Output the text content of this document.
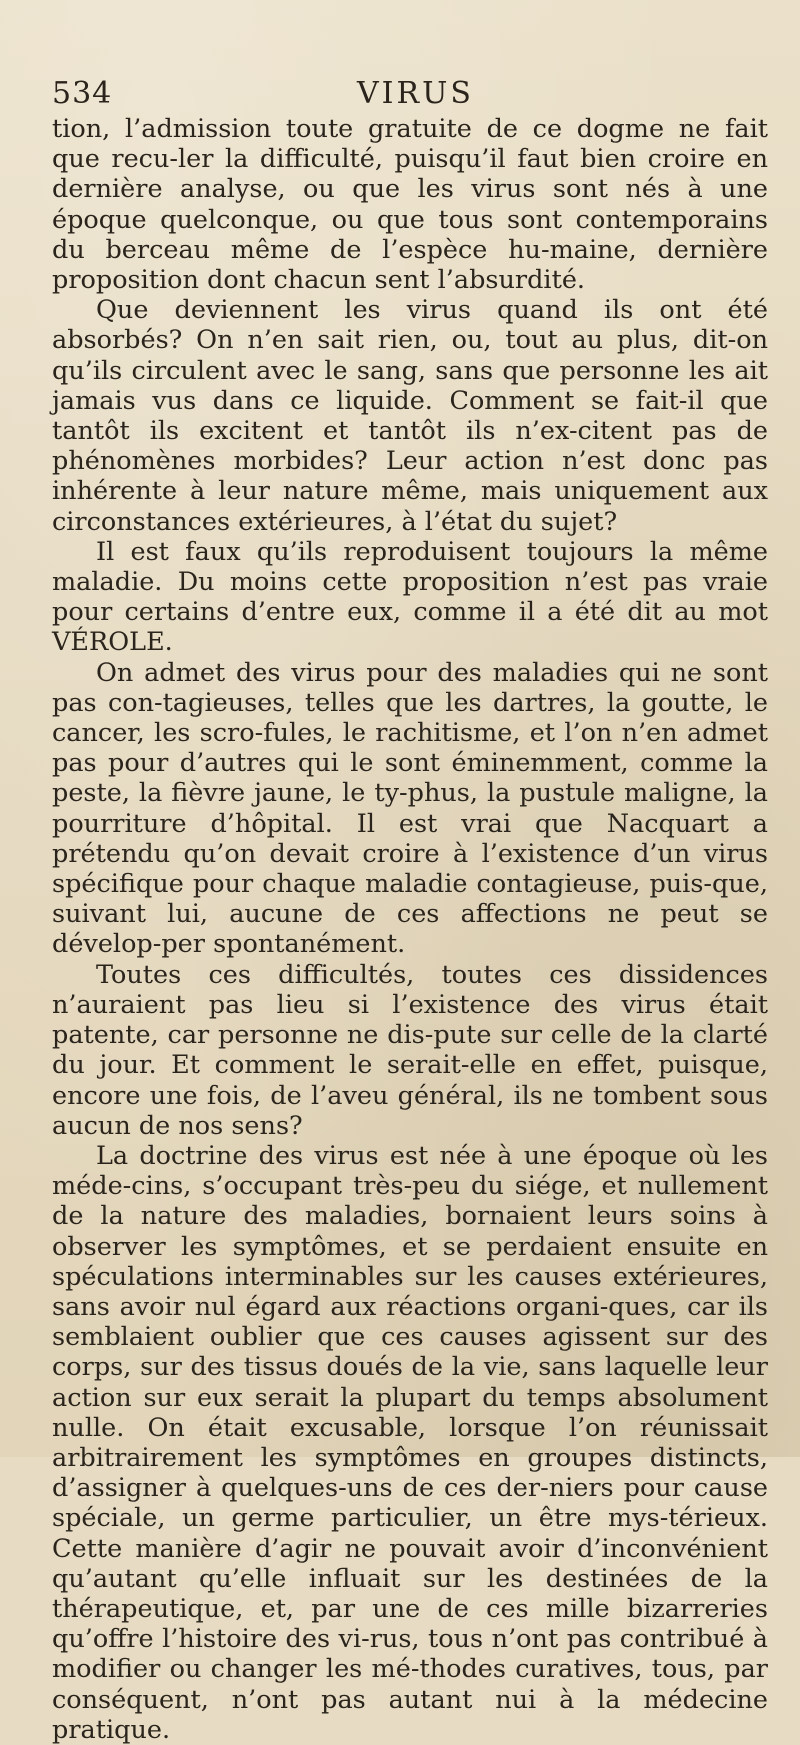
534	VIRUS

tion, l’admission toute gratuite de ce dogme ne fait que recu-ler la difficulté, puisqu’il faut bien croire en dernière analyse, ou que les virus sont nés à une époque quelconque, ou que tous sont contemporains du berceau même de l’espèce hu-maine, dernière proposition dont chacun sent l’absurdité.

Que deviennent les virus quand ils ont été absorbés? On n’en sait rien, ou, tout au plus, dit-on qu’ils circulent avec le sang, sans que personne les ait jamais vus dans ce liquide. Comment se fait-il que tantôt ils excitent et tantôt ils n’ex-citent pas de phénomènes morbides? Leur action n’est donc pas inhérente à leur nature même, mais uniquement aux circonstances extérieures, à l’état du sujet?

Il est faux qu’ils reproduisent toujours la même maladie. Du moins cette proposition n’est pas vraie pour certains d’entre eux, comme il a été dit au mot VÉROLE.

On admet des virus pour des maladies qui ne sont pas con-tagieuses, telles que les dartres, la goutte, le cancer, les scro-fules, le rachitisme, et l’on n’en admet pas pour d’autres qui le sont éminemment, comme la peste, la fièvre jaune, le ty-phus, la pustule maligne, la pourriture d’hôpital. Il est vrai que Nacquart a prétendu qu’on devait croire à l’existence d’un virus spécifique pour chaque maladie contagieuse, puis-que, suivant lui, aucune de ces affections ne peut se dévelop-per spontanément.

Toutes ces difficultés, toutes ces dissidences n’auraient pas lieu si l’existence des virus était patente, car personne ne dis-pute sur celle de la clarté du jour. Et comment le serait-elle en effet, puisque, encore une fois, de l’aveu général, ils ne tombent sous aucun de nos sens?

La doctrine des virus est née à une époque où les méde-cins, s’occupant très-peu du siége, et nullement de la nature des maladies, bornaient leurs soins à observer les symptômes, et se perdaient ensuite en spéculations interminables sur les causes extérieures, sans avoir nul égard aux réactions organi-ques, car ils semblaient oublier que ces causes agissent sur des corps, sur des tissus doués de la vie, sans laquelle leur action sur eux serait la plupart du temps absolument nulle. On était excusable, lorsque l’on réunissait arbitrairement les symptômes en groupes distincts, d’assigner à quelques-uns de ces der-niers pour cause spéciale, un germe particulier, un être mys-térieux. Cette manière d’agir ne pouvait avoir d’inconvénient qu’autant qu’elle influait sur les destinées de la thérapeutique, et, par une de ces mille bizarreries qu’offre l’histoire des vi-rus, tous n’ont pas contribué à modifier ou changer les mé-thodes curatives, tous, par conséquent, n’ont pas autant nui à la médecine pratique.
